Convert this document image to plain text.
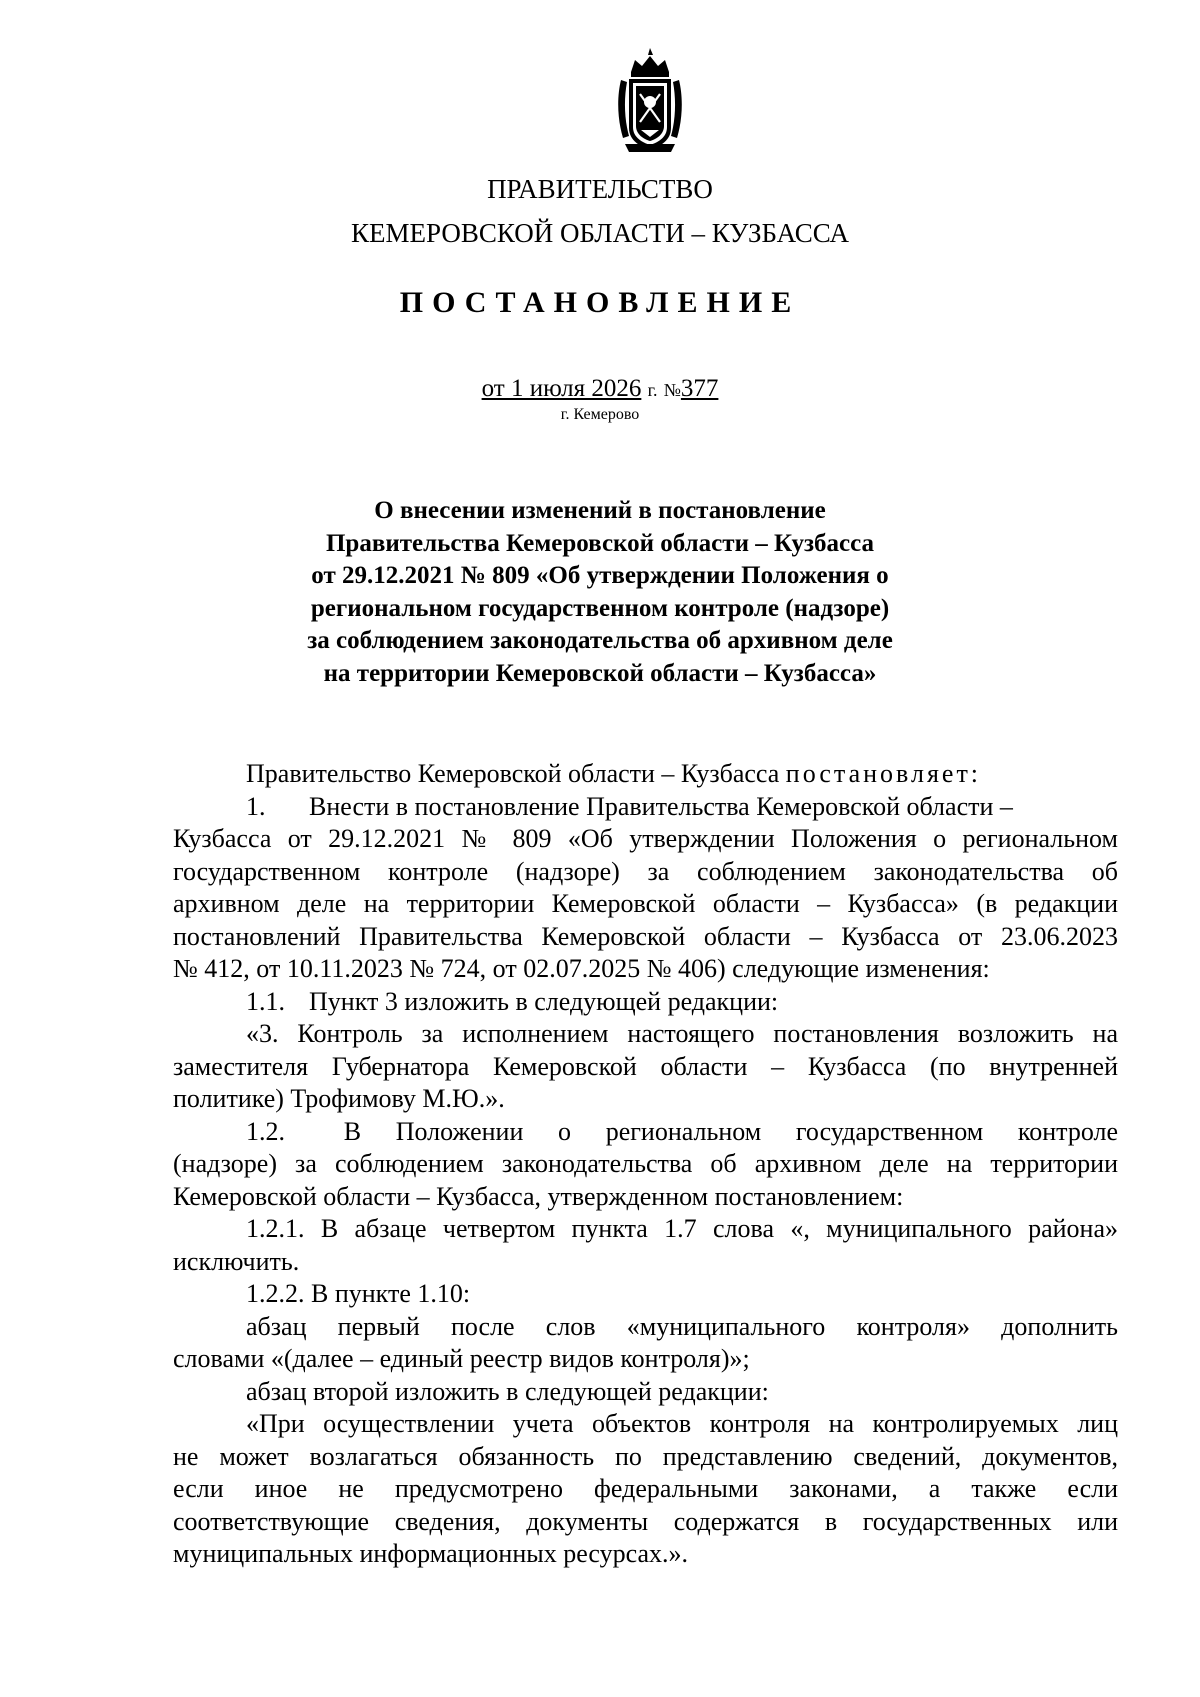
ПРАВИТЕЛЬСТВО
КЕМЕРОВСКОЙ ОБЛАСТИ – КУЗБАССА
ПОСТАНОВЛЕНИЕ
от 1 июля 2026 г. №377
г. Кемерово
О внесении изменений в постановление
Правительства Кемеровской области – Кузбасса
от 29.12.2021 № 809 «Об утверждении Положения о
региональном государственном контроле (надзоре)
за соблюдением законодательства об архивном деле
на территории Кемеровской области – Кузбасса»
Правительство Кемеровской области – Кузбасса постановляет:
1. Внести в постановление Правительства Кемеровской области –
Кузбасса от 29.12.2021 № 809 «Об утверждении Положения о региональном
государственном контроле (надзоре) за соблюдением законодательства об
архивном деле на территории Кемеровской области – Кузбасса» (в редакции
постановлений Правительства Кемеровской области – Кузбасса от 23.06.2023
№ 412, от 10.11.2023 № 724, от 02.07.2025 № 406) следующие изменения:
1.1. Пункт 3 изложить в следующей редакции:
«3. Контроль за исполнением настоящего постановления возложить на
заместителя Губернатора Кемеровской области – Кузбасса (по внутренней
политике) Трофимову М.Ю.».
1.2. В Положении о региональном государственном контроле
(надзоре) за соблюдением законодательства об архивном деле на территории
Кемеровской области – Кузбасса, утвержденном постановлением:
1.2.1. В абзаце четвертом пункта 1.7 слова «, муниципального района»
исключить.
1.2.2. В пункте 1.10:
абзац первый после слов «муниципального контроля» дополнить
словами «(далее – единый реестр видов контроля)»;
абзац второй изложить в следующей редакции:
«При осуществлении учета объектов контроля на контролируемых лиц
не может возлагаться обязанность по представлению сведений, документов,
если иное не предусмотрено федеральными законами, а также если
соответствующие сведения, документы содержатся в государственных или
муниципальных информационных ресурсах.».
